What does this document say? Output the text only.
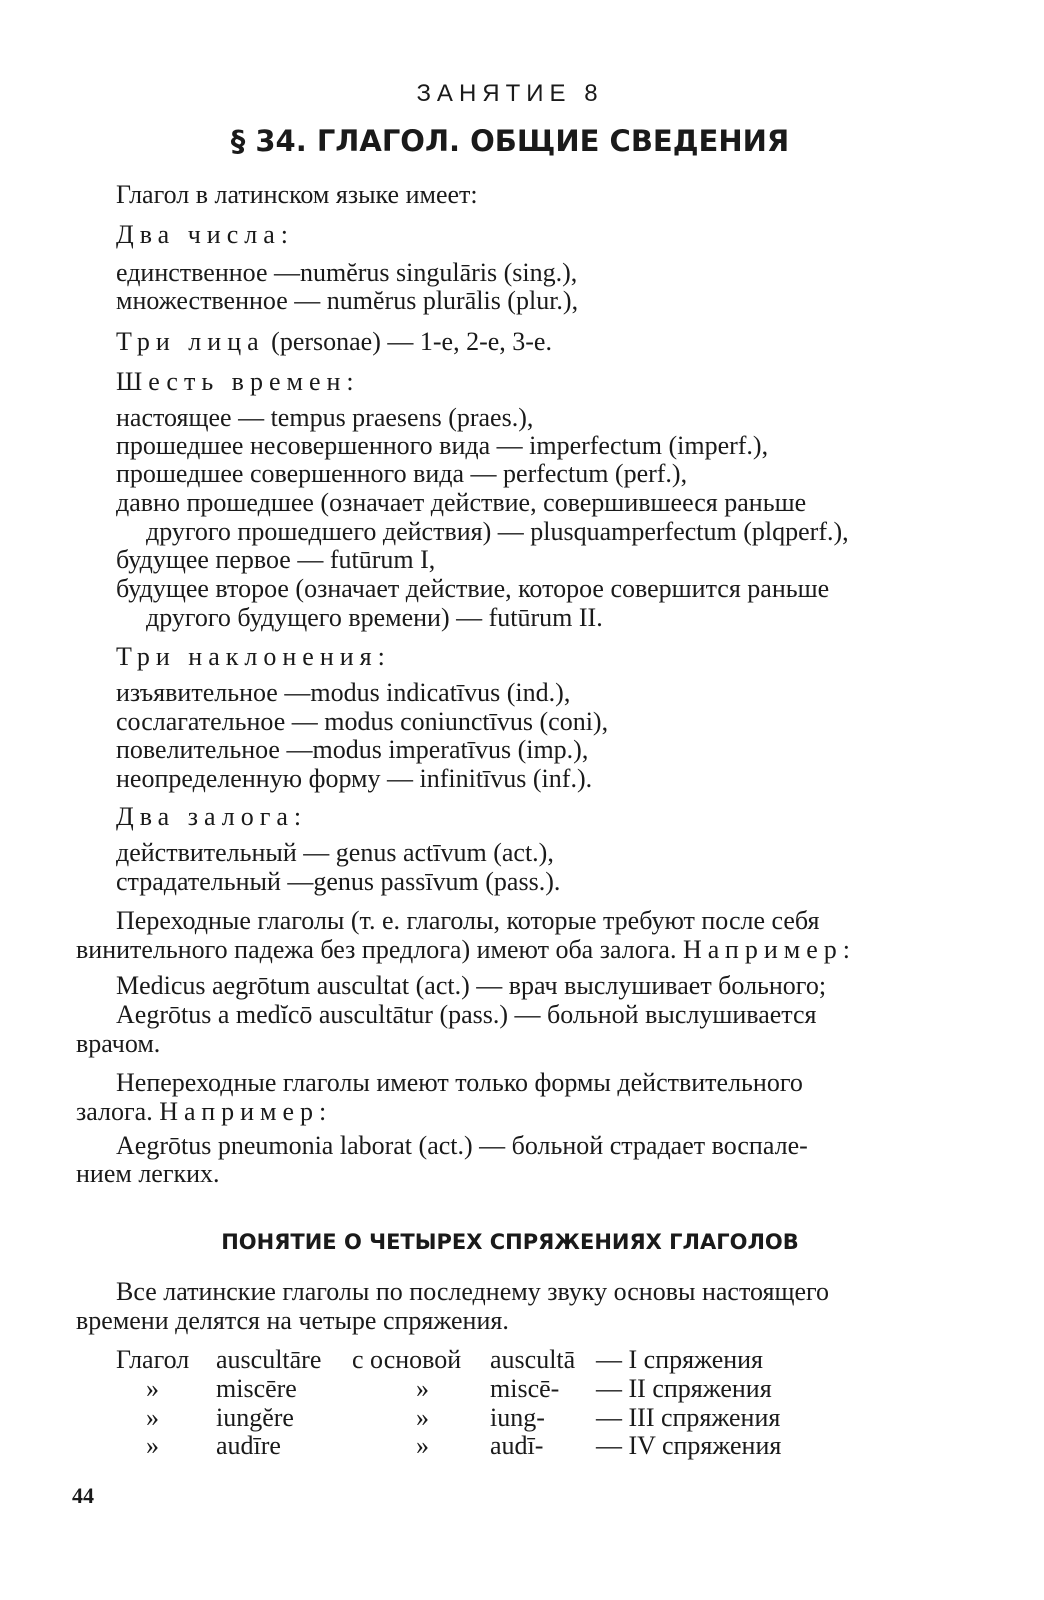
ЗАНЯТИЕ 8
§ 34. ГЛАГОЛ. ОБЩИЕ СВЕДЕНИЯ
Глагол в латинском языке имеет:
Два числа:
единственное —numĕrus singulāris (sing.),
множественное — numĕrus plurālis (plur.),
Три лица (personae) — 1-е, 2-е, 3-е.
Шесть времен:
настоящее — tempus praesens (praes.),
прошедшее несовершенного вида — imperfectum (imperf.),
прошедшее совершенного вида — perfectum (perf.),
давно прошедшее (означает действие, совершившееся раньше
другого прошедшего действия) — plusquamperfectum (plqperf.),
будущее первое — futūrum I,
будущее второе (означает действие, которое совершится раньше
другого будущего времени) — futūrum II.
Три наклонения:
изъявительное —modus indicatīvus (ind.),
сослагательное — modus coniunctīvus (coni),
повелительное —modus imperatīvus (imp.),
неопределенную форму — infinitīvus (inf.).
Два залога:
действительный — genus actīvum (act.),
страдательный —genus passīvum (pass.).
Переходные глаголы (т. е. глаголы, которые требуют после себя
винительного падежа без предлога) имеют оба залога. Например:
Medicus aegrōtum auscultat (act.) — врач выслушивает больного;
Aegrōtus a medĭcō auscultātur (pass.) — больной выслушивается
врачом.
Непереходные глаголы имеют только формы действительного
залога. Например:
Aegrōtus pneumonia laborat (act.) — больной страдает воспале-
нием легких.
ПОНЯТИЕ О ЧЕТЫРЕХ СПРЯЖЕНИЯХ ГЛАГОЛОВ
Все латинские глаголы по последнему звуку основы настоящего
времени делятся на четыре спряжения.
Глагол auscultāre с основой auscultā — I спряжения
» miscēre	» miscē- — II спряжения
» iungĕre	» iung- — III спряжения
» audīre	» audī- — IV спряжения
44
